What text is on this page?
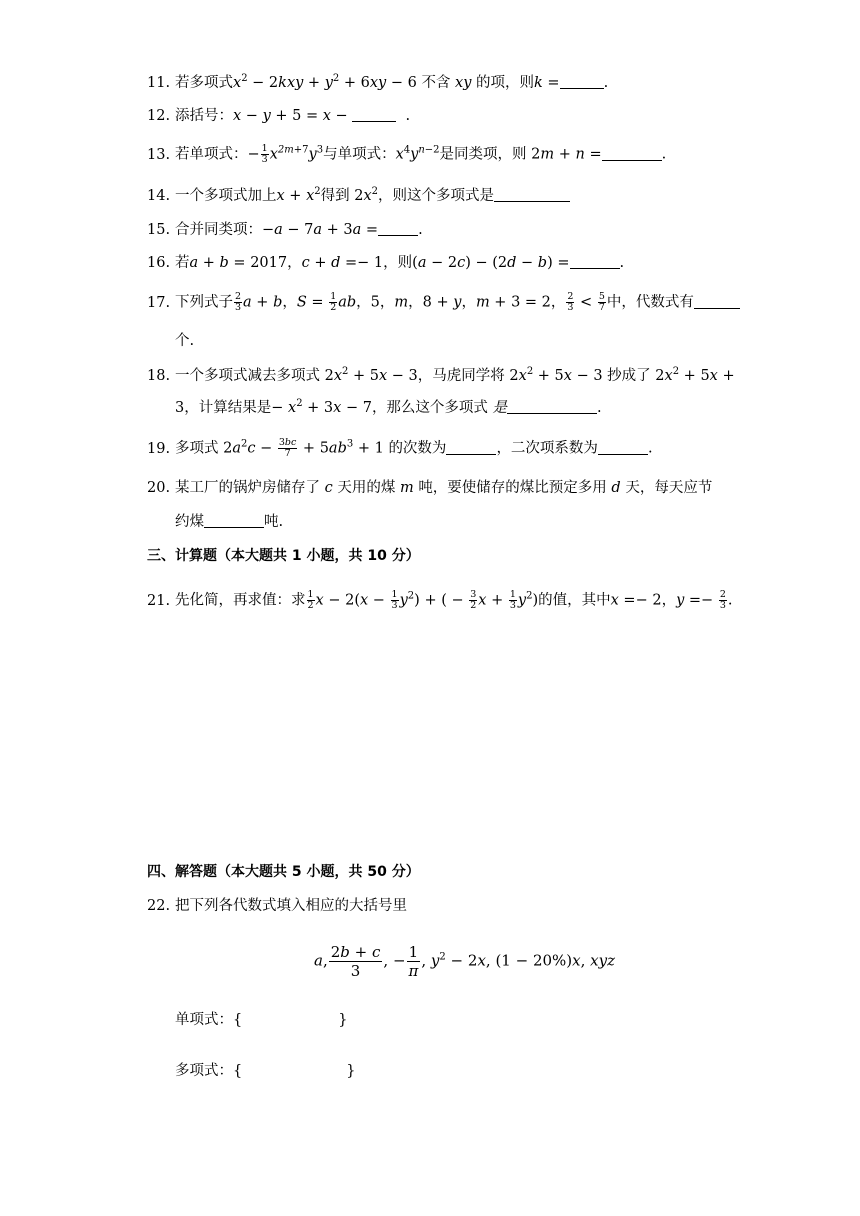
11. 若多项式$x^2 - 2kxy + y^2 + 6xy - 6$ 不含 xy 的项，则k =	.
12. 添括号：x − y + 5 = x −	.
13. 若单项式：− $\frac{1}{3} x^{2m+7}y^3$与单项式：$x^4y^{n-2}$是同类项，则 2m + n =	.
14. 一个多项式加上$x + x^2$得到 $2x^2$，则这个多项式是
15. 合并同类项：−a − 7a + 3a =	.
16. 若a + b = 2017，c + d =− 1，则(a − 2c) − (2d − b) =	.
17. 下列式子 $\frac{2}{3}$ a + b，$S = \frac{1}{2}$ ab，5，m，8 + y，m + 3 = 2， $\frac{2}{3} < \frac{5}{7}$ 中，代数式有
个.
18. 一个多项式减去多项式 $2x^2 + 5x - 3$，马虎同学将 $2x^2 + 5x - 3$ 抄成了 $2x^2 + 5x$ +
3，计算结果是− $x^2 + 3x - 7$，那么这个多项式 是	.
19. 多项式 $2a^2c - \frac{3bc}{7} + 5ab^3 + 1$ 的次数为	，二次项系数为	.
20. 某工厂的锅炉房储存了 c 天用的煤 m 吨，要使储存的煤比预定多用 d 天，每天应节
约煤	吨.
三、计算题（本大题共 1 小题，共 10 分）
21. 先化简，再求值：求 $\frac{1}{2}$ $x - 2(x - \frac{1}{3} y^2)$ + ( − $\frac{3}{2}$ $x + \frac{1}{3} y^2$)的值，其中x =− 2，$y =- \frac{2}{3}$ .
四、解答题（本大题共 5 小题，共 50 分）
22. 把下列各代数式填入相应的大括号里
a, $\frac{2b + c}{3}$ , − $\frac{1}{\pi}$ , $y^2 - 2x$, (1 − 20%)x, xyz
单项式：{	}
多项式：{	}
